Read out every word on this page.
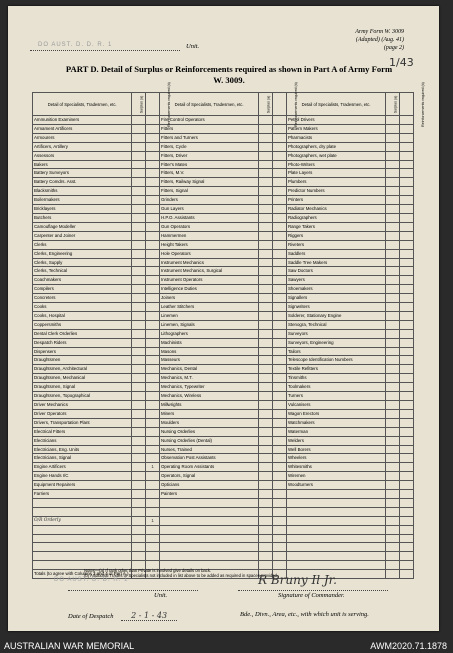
DO AUST. D. D. R. 1	Unit.
Army Form W. 3009
(Adapted) (Aug. 41)
(page 2)
1/43
PART D. Detail of Surplus or Reinforcements required as shown in Part A of Army Form W. 3009.
Detail of Specialists, Tradesmen, etc.	Surplus (a)	Reinforcements required (b)	Detail of Specialists, Tradesmen, etc.	Surplus (a)	Reinforcements required (b)	Detail of Specialists, Tradesmen, etc.	Surplus (a)	Reinforcements required (b)
Ammunition Examiners			Fire Control Operators			Petrol Drivers		
Armament Artificers			Fitters			Pattern Makers		
Armourers			Fitters and Turners			Pharmacists		
Artificers, Artillery			Fitters, Cycle			Photographers, dry plate		
Assessors			Fitters, Driver			Photographers, wet plate		
Bakers			Fitter's Mates			Photo-Writers		
Battery Surveyors			Fitters, M.V.			Plate Layers		
Battery Comdrs. Asst.			Fitters, Railway Signal			Plumbers		
Blacksmiths			Fitters, Signal			Predictor Numbers		
Boilermakers			Grinders			Printers		
Bricklayers			Gun Layers			Radiator Mechanics		
Butchers			H.P.O. Assistants			Radiographers		
Camouflage Modeller			Gun Operators			Range Takers		
Carpenter and Joiner			Hammermen			Riggers		
Clerks			Height Takers			Riveters		
Clerks, Engineering			Hole Operators			Saddlers		
Clerks, Supply			Instrument Mechanics			Saddle Tree Makers		
Clerks, Technical			Instrument Mechanics, Surgical			Saw Doctors		
Coachmakers			Instrument Operators			Sawyers		
Compilers			Intelligence Duties			Shoemakers		
Concreters			Joiners			Signallers		
Cooks			Leather Stitchers			Signwriters		
Cooks, Hospital			Linemen			Solderer, Stationary Engine		
Coppersmiths			Linemen, Signals			Stenogra, Technical		
Dental Clerk Orderlies			Lithographers			Surveyors		
Despatch Riders			Machinists			Surveyors, Engineering		
Dispensers			Masons			Tailors		
Draughtsmen			Masseurs			Telescope Identification Numbers		
Draughtsmen, Architectural			Mechanics, Dental			Textile Refitters		
Draughtsmen, Mechanical			Mechanics, M.T.			Tinsmiths		
Draughtsmen, Signal			Mechanics, Typewriter			Toolmakers		
Draughtsmen, Topographical			Mechanics, Wireless			Turners		
Driver Mechanics			Millwrights			Vulcanisers		
Driver Operators			Miners			Wagon Erectors		
Drivers, Transportation Plant			Moulders			Watchmakers		
Electrical Fitters			Nursing Orderlies			Waterman		
Electricians			Nursing Orderlies (Dental)			Welders		
Electricians, Eng. Units			Nurses, Trained			Well Borers		
Electricians, Signal			Observation Post Assistants			Wheelers		
Engine Artificers		1	Operating Room Assistants			Whitesmiths		
Engine Hands I/C			Operators, Signal			Wiremen		
Equipment Repairers			Opticians			Woodturners		
Farriers			Painters					

O/R Orderly		1						

Totals (to agree with Columns 3 and 4 of Part A.)								
Notes—(a) If rank other than Private is involved give details on back.
(b) Additional Trades or Specialists not included in list above to be added as required in spaces provided.
DO AUST. D. D. R. 1	R Bruny Il Jr.
Unit.	Signature of Commander.
Date of Despatch 2 - 1 - 43	Bde., Divn., Area, etc., with which unit is serving.
AUSTRALIAN WAR MEMORIAL	AWM2020.71.1878
